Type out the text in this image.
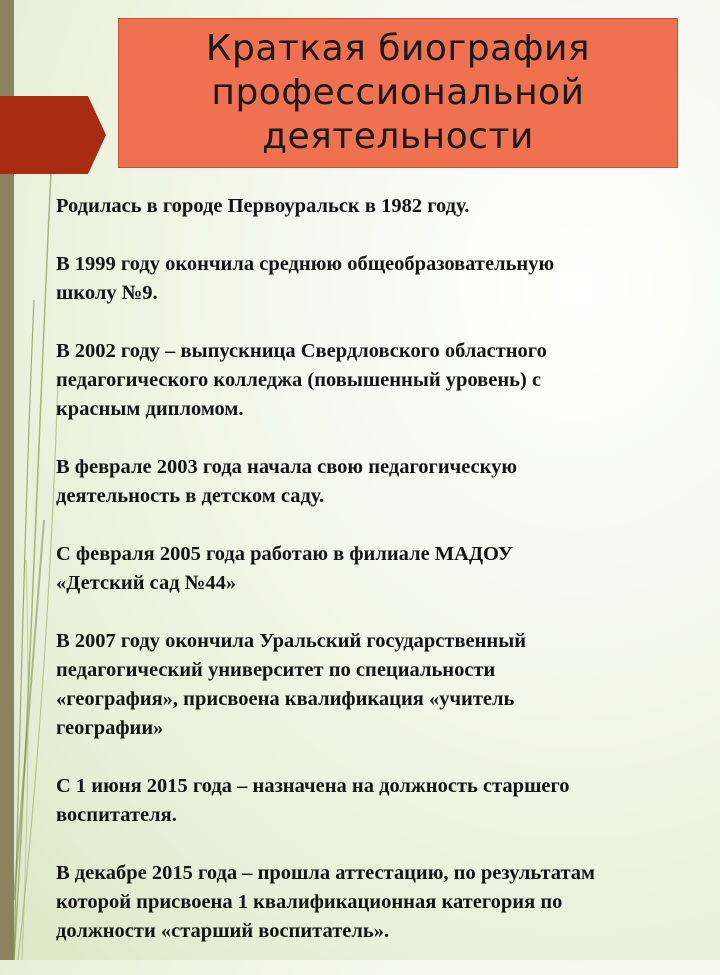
Краткая биография
профессиональной
деятельности

Родилась в городе Первоуральск в 1982 году.

В 1999 году окончила среднюю общеобразовательную
школу №9.

В 2002 году – выпускница Свердловского областного
педагогического колледжа (повышенный уровень) с
красным дипломом.

В феврале 2003 года начала свою педагогическую
деятельность в детском саду.

С февраля 2005 года работаю в филиале МАДОУ
«Детский сад №44»

В 2007 году окончила Уральский государственный
педагогический университет по специальности
«география», присвоена квалификация «учитель
географии»

С 1 июня 2015 года – назначена на должность старшего
воспитателя.

В декабре 2015 года – прошла аттестацию, по результатам
которой присвоена 1 квалификационная категория по
должности «старший воспитатель».
